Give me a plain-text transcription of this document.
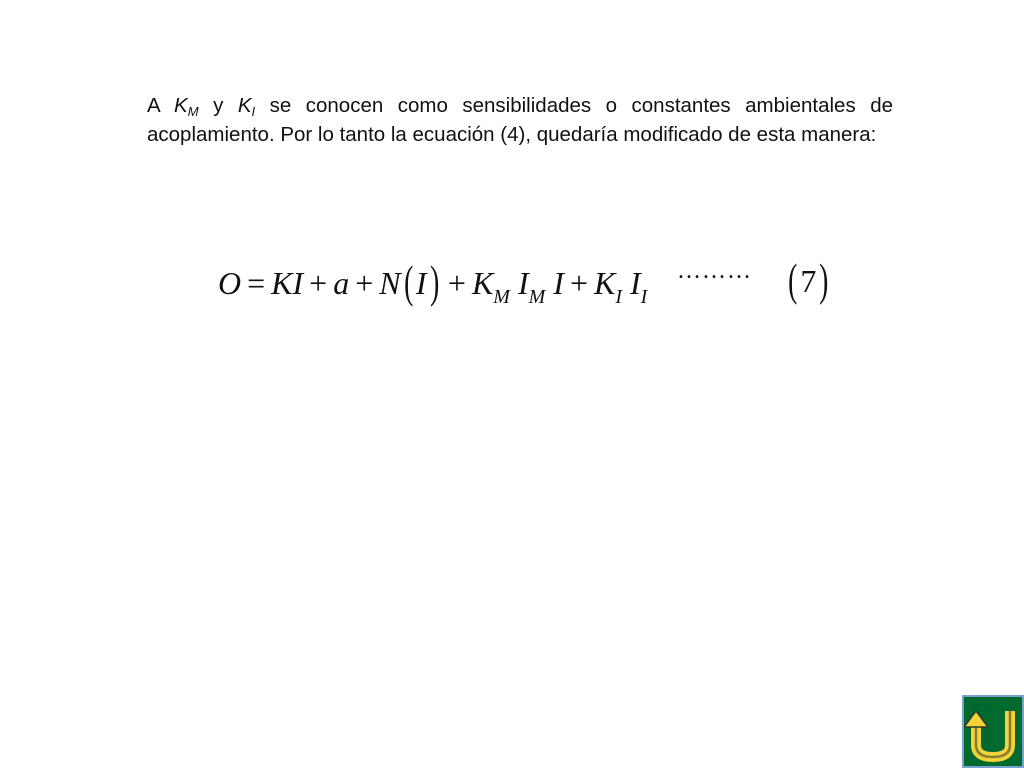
A $K_M$ y $K_I$ se conocen como sensibilidades o constantes ambientales de acoplamiento. Por lo tanto la ecuación (4), quedaría modificado de esta manera:

O = KI + $a + N(I) + K_M$ $I_M$ $I + K_I$ $I_I$
……… (7)
